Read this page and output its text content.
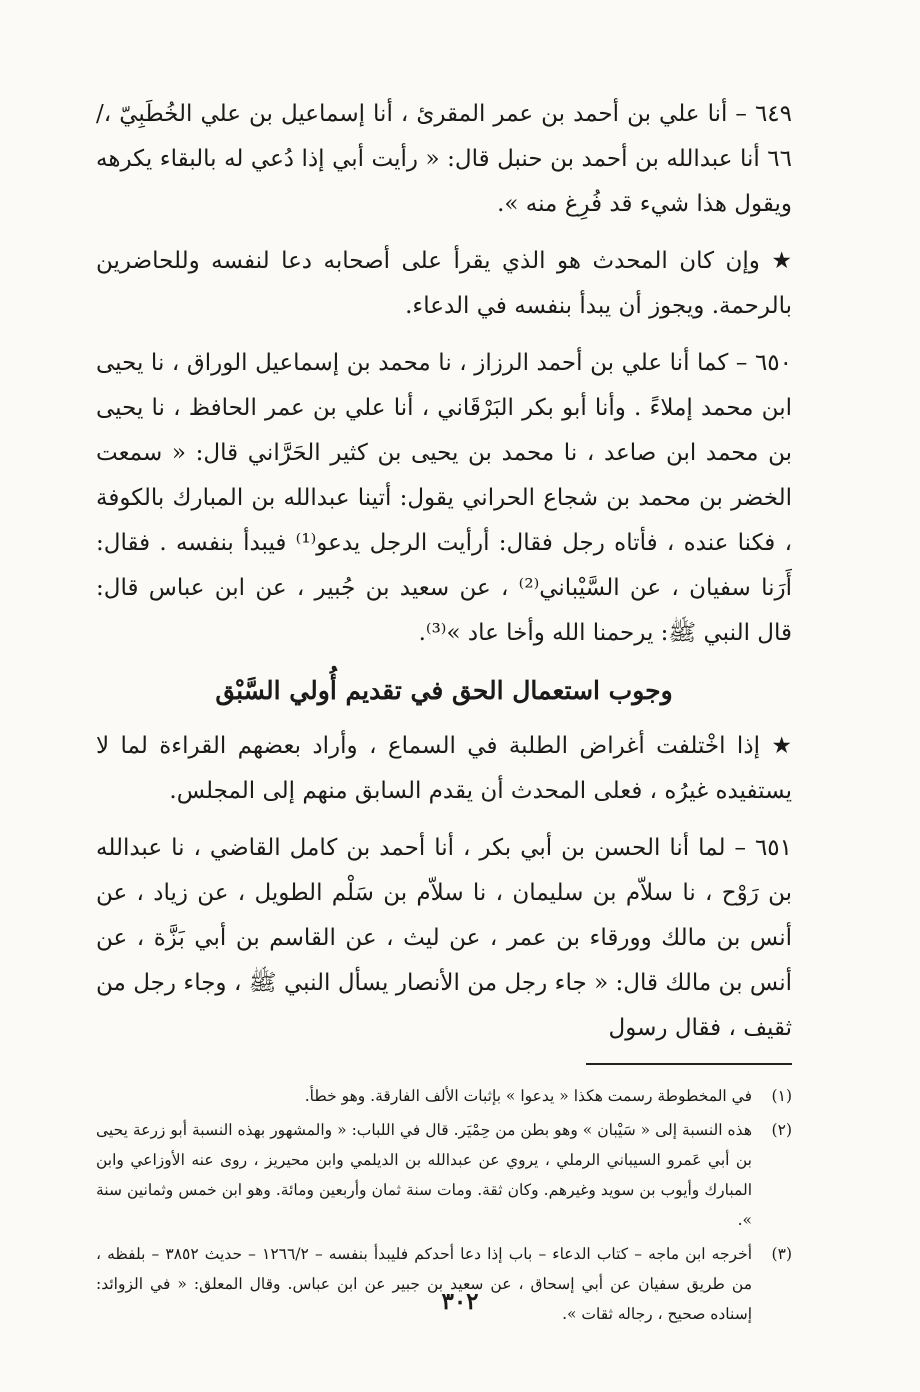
٦٤٩ – أنا علي بن أحمد بن عمر المقرئ ، أنا إسماعيل بن علي الخُطَبِيّ ،/٦٦ أنا عبدالله بن أحمد بن حنبل قال: « رأيت أبي إذا دُعي له بالبقاء يكرهه ويقول هذا شيء قد فُرِغ منه ».

★ وإن كان المحدث هو الذي يقرأ على أصحابه دعا لنفسه وللحاضرين بالرحمة. ويجوز أن يبدأ بنفسه في الدعاء.

٦٥٠ – كما أنا علي بن أحمد الرزاز ، نا محمد بن إسماعيل الوراق ، نا يحيى ابن محمد إملاءً . وأنا أبو بكر البَرْقَاني ، أنا علي بن عمر الحافظ ، نا يحيى بن محمد ابن صاعد ، نا محمد بن يحيى بن كثير الحَرَّاني قال: « سمعت الخضر بن محمد بن شجاع الحراني يقول: أتينا عبدالله بن المبارك بالكوفة ، فكنا عنده ، فأتاه رجل فقال: أرأيت الرجل يدعو⁽¹⁾ فيبدأ بنفسه . فقال: أَرَنا سفيان ، عن السَّيْباني⁽²⁾ ، عن سعيد بن جُبير ، عن ابن عباس قال: قال النبي ﷺ: يرحمنا الله وأخا عاد »⁽³⁾.

وجوب استعمال الحق في تقديم أُولي السَّبْق

★ إذا اخْتلفت أغراض الطلبة في السماع ، وأراد بعضهم القراءة لما لا يستفيده غيرُه ، فعلى المحدث أن يقدم السابق منهم إلى المجلس.

٦٥١ – لما أنا الحسن بن أبي بكر ، أنا أحمد بن كامل القاضي ، نا عبدالله بن رَوْح ، نا سلاّم بن سليمان ، نا سلاّم بن سَلْم الطويل ، عن زياد ، عن أنس بن مالك وورقاء بن عمر ، عن ليث ، عن القاسم بن أبي بَزَّة ، عن أنس بن مالك قال: « جاء رجل من الأنصار يسأل النبي ﷺ ، وجاء رجل من ثقيف ، فقال رسول

(١)
في المخطوطة رسمت هكذا « يدعوا » بإثبات الألف الفارقة. وهو خطأ.
(٢)
هذه النسبة إلى « سَيْبان » وهو بطن من حِمْيَر. قال في اللباب: « والمشهور بهذه النسبة أبو زرعة يحيى بن أبي عَمرو السيباني الرملي ، يروي عن عبدالله بن الديلمي وابن محيريز ، روى عنه الأوزاعي وابن المبارك وأيوب بن سويد وغيرهم. وكان ثقة. ومات سنة ثمان وأربعين ومائة. وهو ابن خمس وثمانين سنة ».
(٣)
أخرجه ابن ماجه – كتاب الدعاء – باب إذا دعا أحدكم فليبدأ بنفسه – ١٢٦٦/٢ – حديث ٣٨٥٢ – بلفظه ، من طريق سفيان عن أبي إسحاق ، عن سعيد بن جبير عن ابن عباس. وقال المعلق: « في الزوائد: إسناده صحيح ، رجاله ثقات ».
٣٠٢
